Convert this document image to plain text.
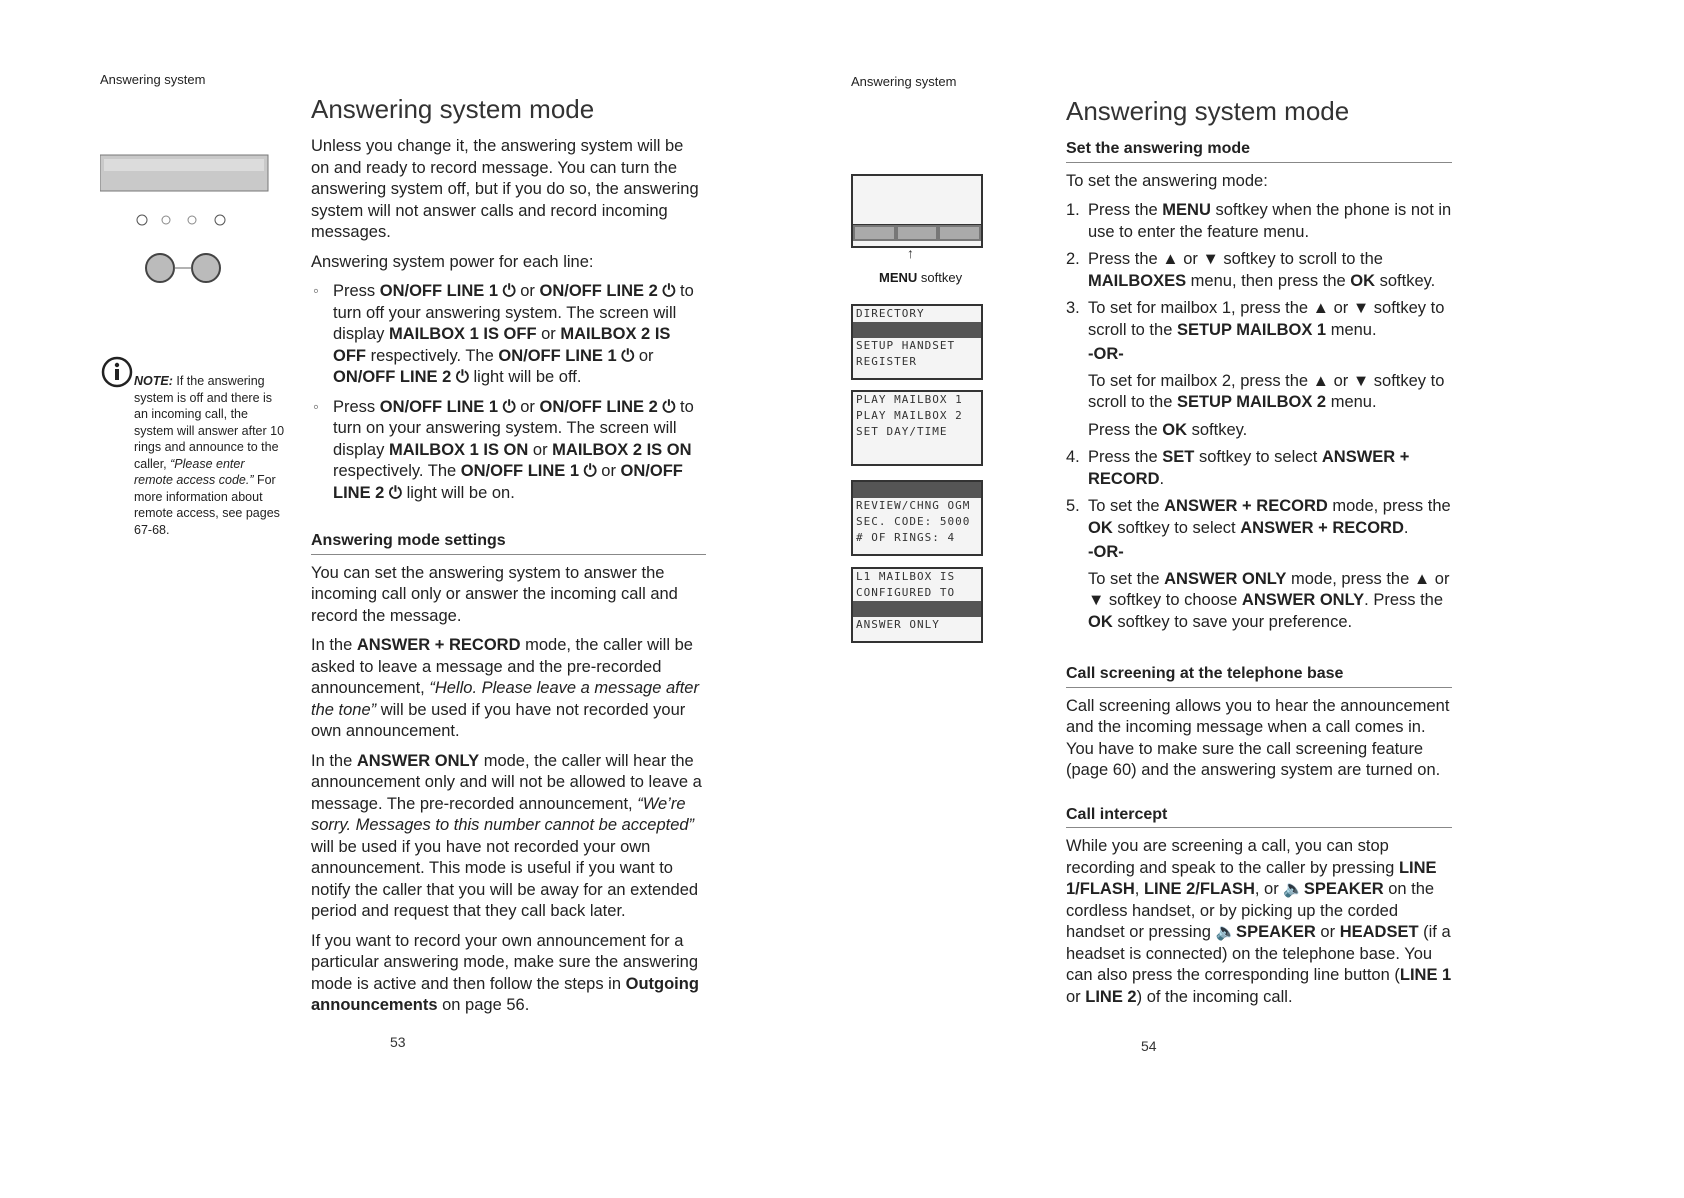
Answering system
Answering system mode
NOTE: If the answering system is off and there is an incoming call, the system will answer after 10 rings and announce to the caller, “Please enter remote access code.” For more information about remote access, see pages 67-68.

Unless you change it, the answering system will be on and ready to record message. You can turn the answering system off, but if you do so, the answering system will not answer calls and record incoming messages.

Answering system power for each line:

◦ Press ON/OFF LINE 1 ⏻ or ON/OFF LINE 2 ⏻ to turn off your answering system. The screen will display MAILBOX 1 IS OFF or MAILBOX 2 IS OFF respectively. The ON/OFF LINE 1 ⏻ or ON/OFF LINE 2 ⏻ light will be off.
◦ Press ON/OFF LINE 1 ⏻ or ON/OFF LINE 2 ⏻ to turn on your answering system. The screen will display MAILBOX 1 IS ON or MAILBOX 2 IS ON respectively. The ON/OFF LINE 1 ⏻ or ON/OFF LINE 2 ⏻ light will be on.
Answering mode settings

You can set the answering system to answer the incoming call only or answer the incoming call and record the message.

In the ANSWER + RECORD mode, the caller will be asked to leave a message and the pre-recorded announcement, “Hello. Please leave a message after the tone” will be used if you have not recorded your own announcement.

In the ANSWER ONLY mode, the caller will hear the announcement only and will not be allowed to leave a message. The pre-recorded announcement, “We’re sorry. Messages to this number cannot be accepted” will be used if you have not recorded your own announcement. This mode is useful if you want to notify the caller that you will be away for an extended period and request that they call back later.

If you want to record your own announcement for a particular answering mode, make sure the answering mode is active and then follow the steps in Outgoing announcements on page 56.

53
Answering system
Answering system mode
↑
MENU softkey
DIRECTORY
SETUP HANDSET
REGISTER
PLAY MAILBOX 1
PLAY MAILBOX 2
SET DAY/TIME
REVIEW/CHNG OGM
SEC. CODE: 5000
# OF RINGS: 4
L1 MAILBOX IS
CONFIGURED TO
ANSWER ONLY
Set the answering mode

To set the answering mode:

1. Press the MENU softkey when the phone is not in use to enter the feature menu.
2. Press the ▲ or ▼ softkey to scroll to the MAILBOXES menu, then press the OK softkey.
3. To set for mailbox 1, press the ▲ or ▼ softkey to scroll to the SETUP MAILBOX 1 menu.
-OR-
To set for mailbox 2, press the ▲ or ▼ softkey to scroll to the SETUP MAILBOX 2 menu.
Press the OK softkey.
4. Press the SET softkey to select ANSWER + RECORD.
5. To set the ANSWER + RECORD mode, press the OK softkey to select ANSWER + RECORD.
-OR-
To set the ANSWER ONLY mode, press the ▲ or ▼ softkey to choose ANSWER ONLY. Press the OK softkey to save your preference.
Call screening at the telephone base

Call screening allows you to hear the announcement and the incoming message when a call comes in. You have to make sure the call screening feature (page 60) and the answering system are turned on.

Call intercept

While you are screening a call, you can stop recording and speak to the caller by pressing LINE 1/FLASH, LINE 2/FLASH, or 🔈SPEAKER on the cordless handset, or by picking up the corded handset or pressing 🔈SPEAKER or HEADSET (if a headset is connected) on the telephone base. You can also press the corresponding line button (LINE 1 or LINE 2) of the incoming call.

54
